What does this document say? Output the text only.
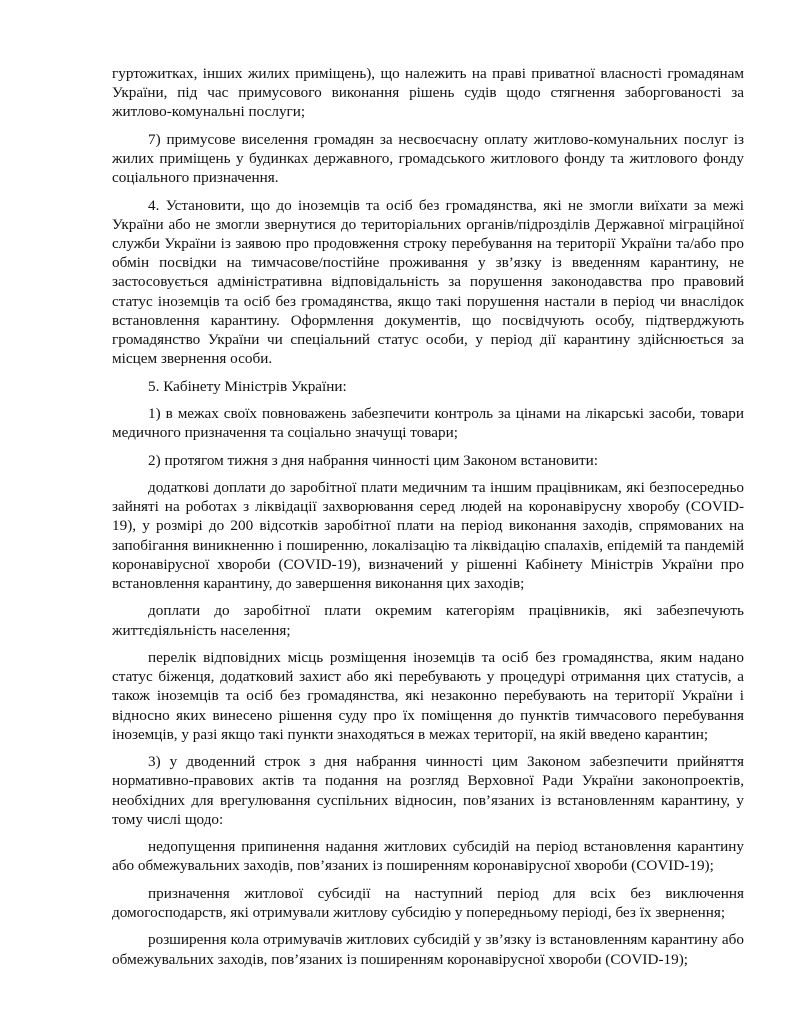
гуртожитках, інших жилих приміщень), що належить на праві приватної власності громадянам України, під час примусового виконання рішень судів щодо стягнення заборгованості за житлово-комунальні послуги;

7) примусове виселення громадян за несвоєчасну оплату житлово-комунальних послуг із жилих приміщень у будинках державного, громадського житлового фонду та житлового фонду соціального призначення.

4. Установити, що до іноземців та осіб без громадянства, які не змогли виїхати за межі України або не змогли звернутися до територіальних органів/підрозділів Державної міграційної служби України із заявою про продовження строку перебування на території України та/або про обмін посвідки на тимчасове/постійне проживання у зв’язку із введенням карантину, не застосовується адміністративна відповідальність за порушення законодавства про правовий статус іноземців та осіб без громадянства, якщо такі порушення настали в період чи внаслідок встановлення карантину. Оформлення документів, що посвідчують особу, підтверджують громадянство України чи спеціальний статус особи, у період дії карантину здійснюється за місцем звернення особи.

5. Кабінету Міністрів України:

1) в межах своїх повноважень забезпечити контроль за цінами на лікарські засоби, товари медичного призначення та соціально значущі товари;

2) протягом тижня з дня набрання чинності цим Законом встановити:

додаткові доплати до заробітної плати медичним та іншим працівникам, які безпосередньо зайняті на роботах з ліквідації захворювання серед людей на коронавірусну хворобу (COVID-19), у розмірі до 200 відсотків заробітної плати на період виконання заходів, спрямованих на запобігання виникненню і поширенню, локалізацію та ліквідацію спалахів, епідемій та пандемій коронавірусної хвороби (COVID-19), визначений у рішенні Кабінету Міністрів України про встановлення карантину, до завершення виконання цих заходів;

доплати до заробітної плати окремим категоріям працівників, які забезпечують життєдіяльність населення;

перелік відповідних місць розміщення іноземців та осіб без громадянства, яким надано статус біженця, додатковий захист або які перебувають у процедурі отримання цих статусів, а також іноземців та осіб без громадянства, які незаконно перебувають на території України і відносно яких винесено рішення суду про їх поміщення до пунктів тимчасового перебування іноземців, у разі якщо такі пункти знаходяться в межах території, на якій введено карантин;

3) у дводенний строк з дня набрання чинності цим Законом забезпечити прийняття нормативно-правових актів та подання на розгляд Верховної Ради України законопроектів, необхідних для врегулювання суспільних відносин, пов’язаних із встановленням карантину, у тому числі щодо:

недопущення припинення надання житлових субсидій на період встановлення карантину або обмежувальних заходів, пов’язаних із поширенням коронавірусної хвороби (COVID-19);

призначення житлової субсидії на наступний період для всіх без виключення домогосподарств, які отримували житлову субсидію у попередньому періоді, без їх звернення;

розширення кола отримувачів житлових субсидій у зв’язку із встановленням карантину або обмежувальних заходів, пов’язаних із поширенням коронавірусної хвороби (COVID-19);
